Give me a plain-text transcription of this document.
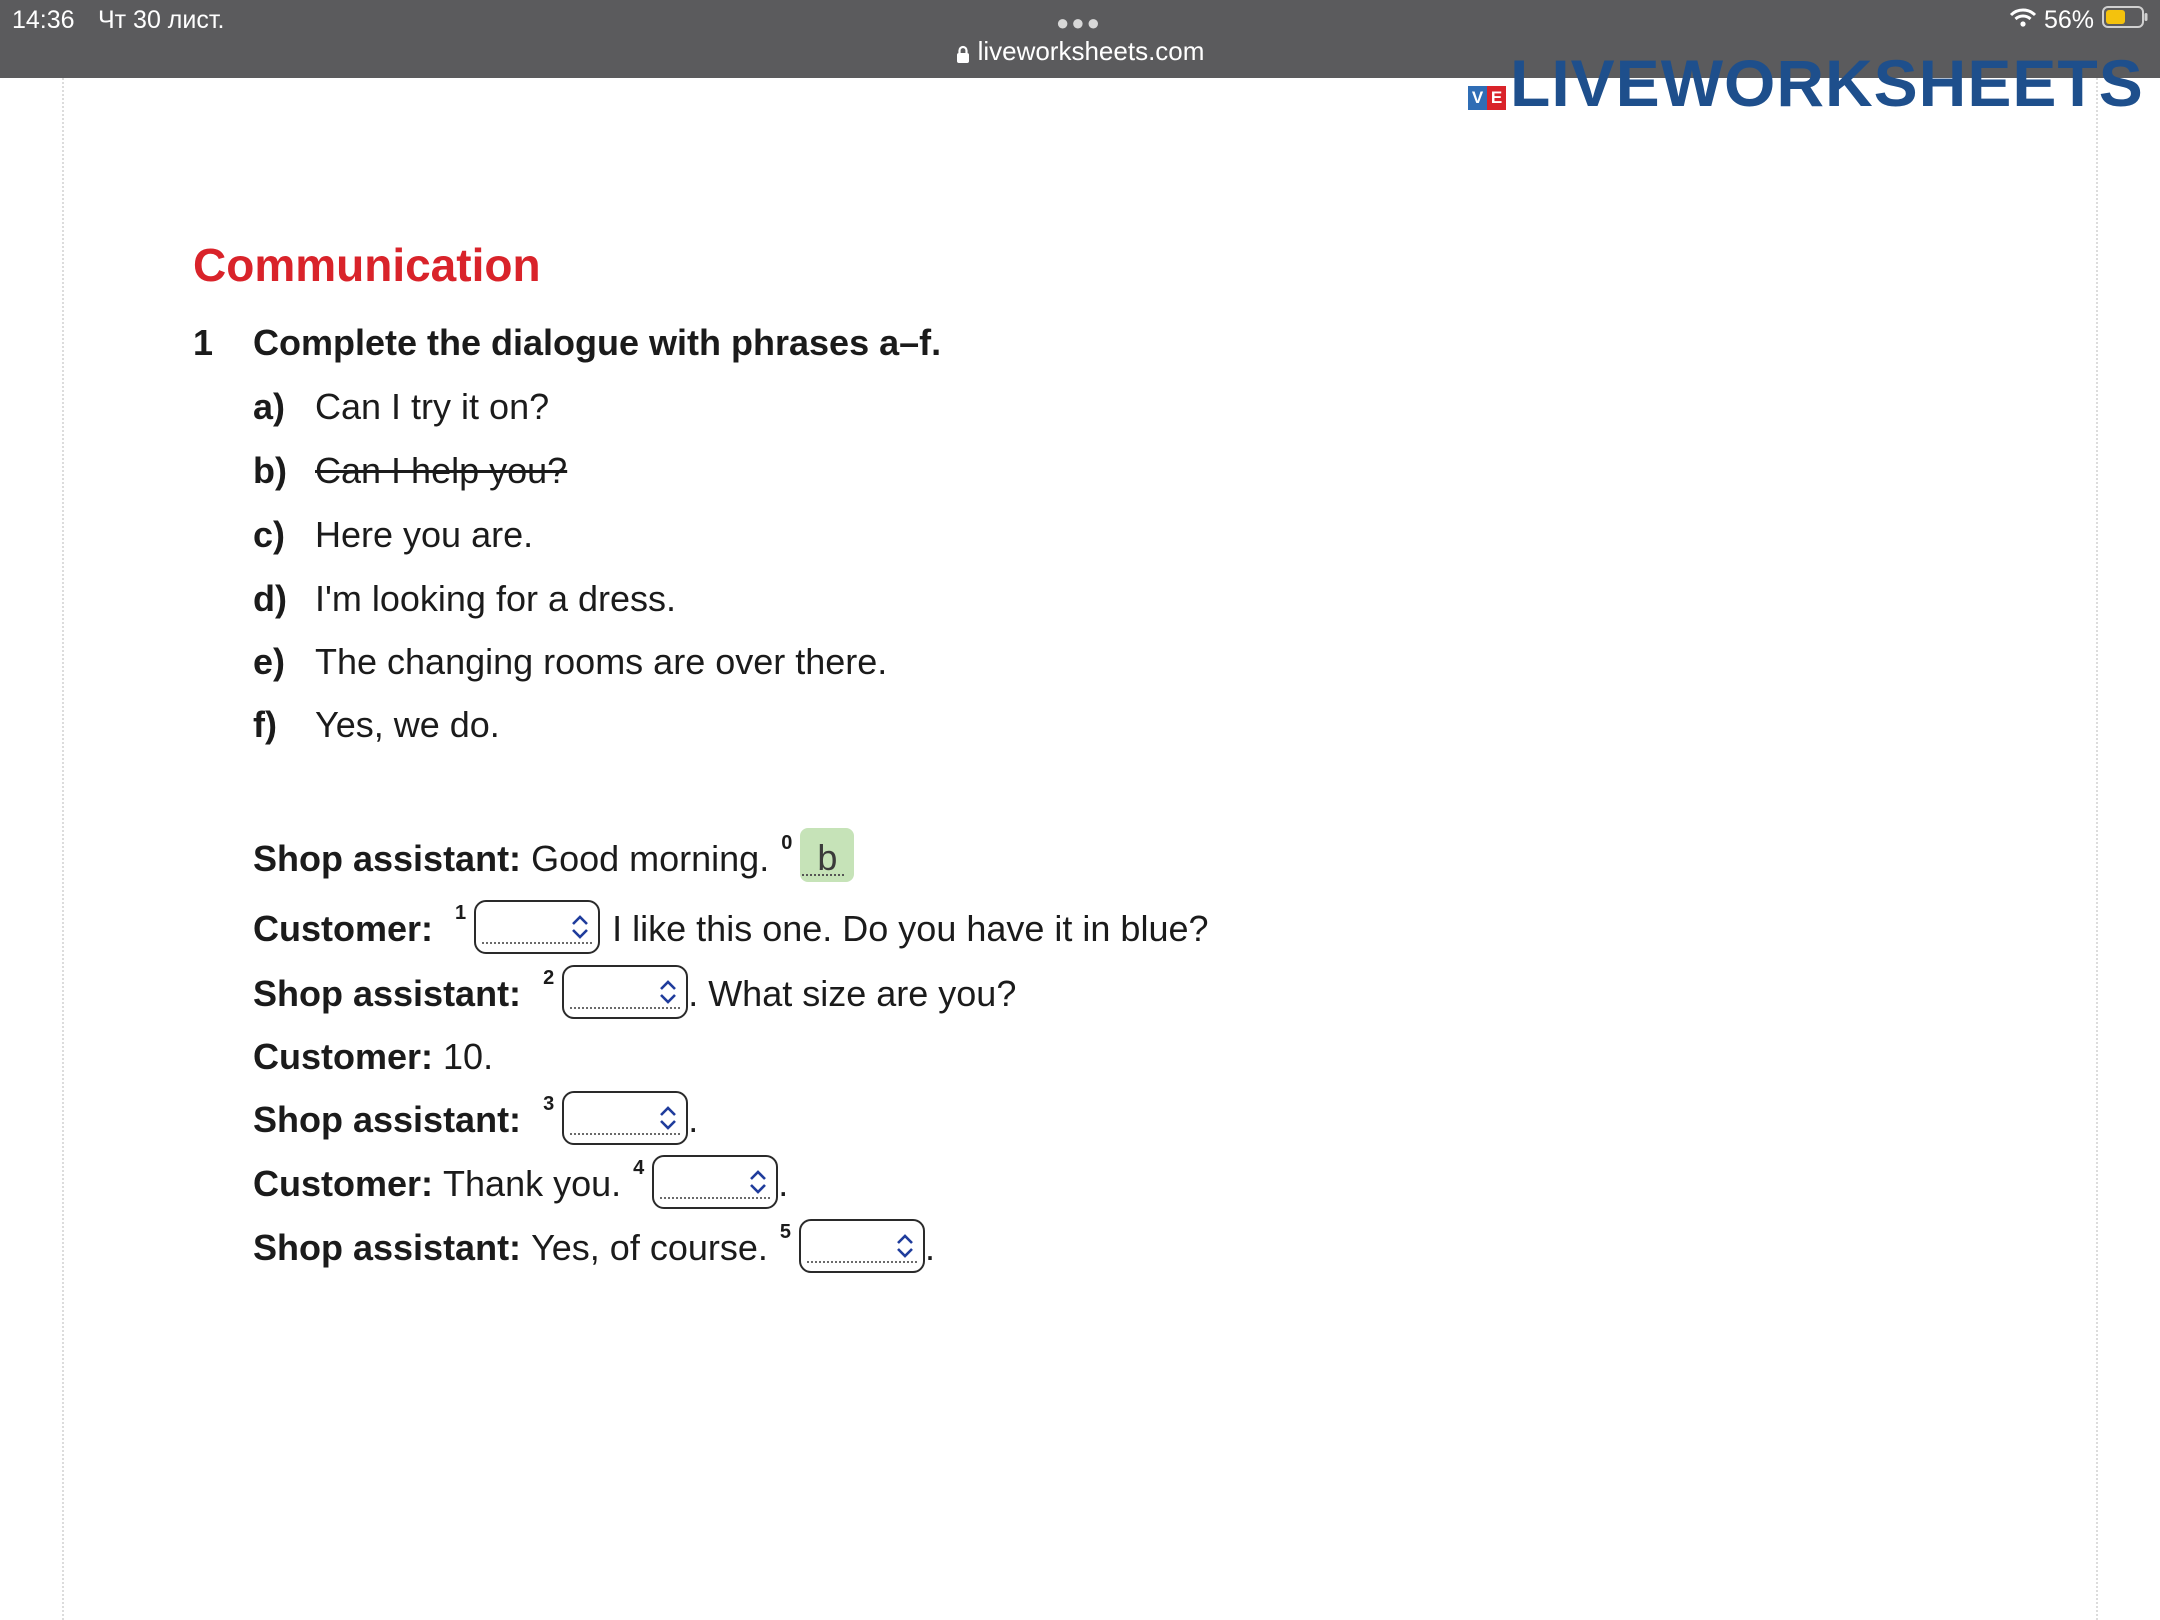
14:36 Чт 30 лист.	●●●
liveworksheets.com
56%
V E LIVEWORKSHEETS
Communication
1 Complete the dialogue with phrases a–f.
a) Can I try it on?
b) Can I help you?
c) Here you are.
d) I'm looking for a dress.
e) The changing rooms are over there.
f) Yes, we do.
Shop assistant: Good morning. 0 b
Customer: 1	I like this one. Do you have it in blue?
Shop assistant: 2	. What size are you?
Customer: 10.
Shop assistant: 3	.
Customer: Thank you. 4	.
Shop assistant: Yes, of course. 5	.
